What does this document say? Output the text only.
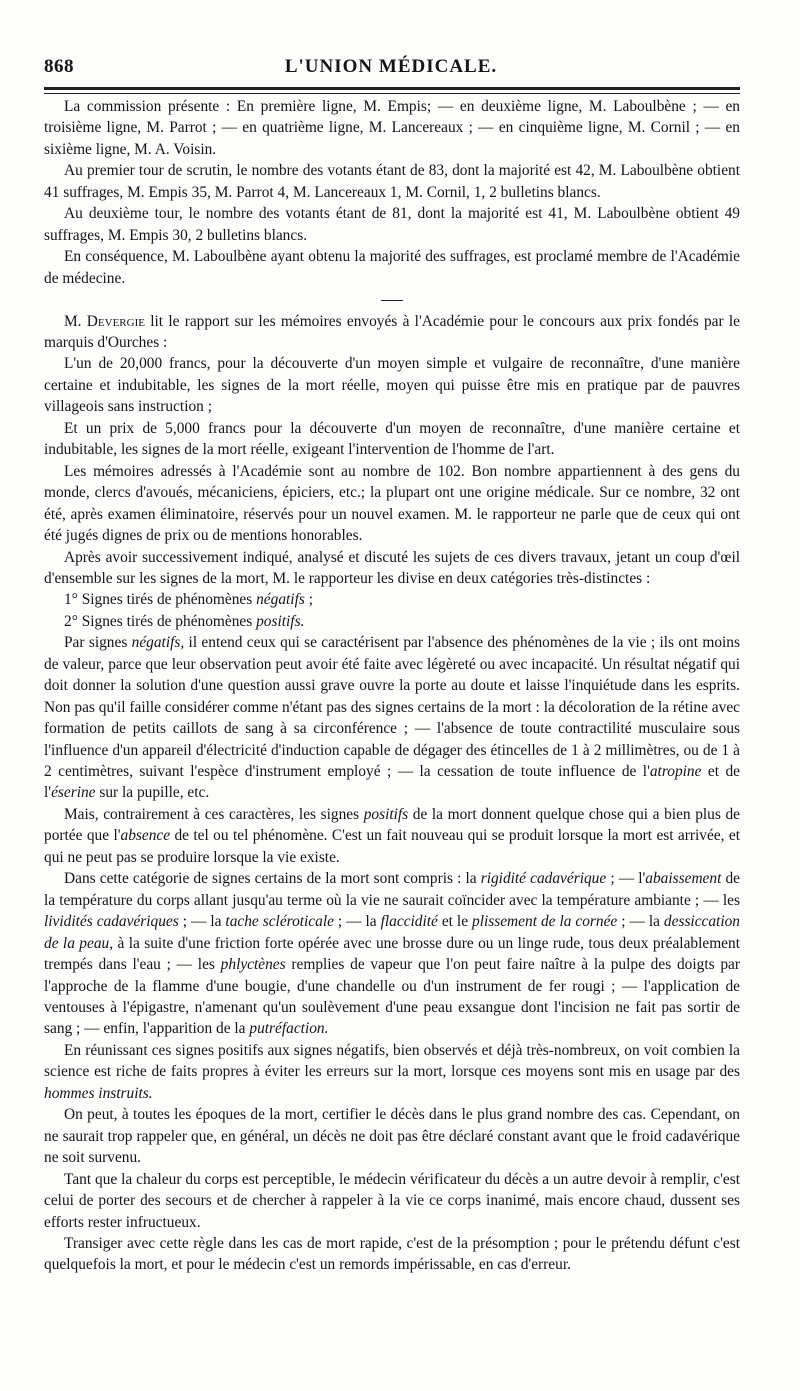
868	L'UNION MÉDICALE.

La commission présente : En première ligne, M. Empis; — en deuxième ligne, M. Laboulbène ; — en troisième ligne, M. Parrot ; — en quatrième ligne, M. Lancereaux ; — en cinquième ligne, M. Cornil ; — en sixième ligne, M. A. Voisin.

Au premier tour de scrutin, le nombre des votants étant de 83, dont la majorité est 42, M. Laboulbène obtient 41 suffrages, M. Empis 35, M. Parrot 4, M. Lancereaux 1, M. Cornil, 1, 2 bulletins blancs.

Au deuxième tour, le nombre des votants étant de 81, dont la majorité est 41, M. Laboulbène obtient 49 suffrages, M. Empis 30, 2 bulletins blancs.

En conséquence, M. Laboulbène ayant obtenu la majorité des suffrages, est proclamé membre de l'Académie de médecine.

M. Devergie lit le rapport sur les mémoires envoyés à l'Académie pour le concours aux prix fondés par le marquis d'Ourches :

L'un de 20,000 francs, pour la découverte d'un moyen simple et vulgaire de reconnaître, d'une manière certaine et indubitable, les signes de la mort réelle, moyen qui puisse être mis en pratique par de pauvres villageois sans instruction ;

Et un prix de 5,000 francs pour la découverte d'un moyen de reconnaître, d'une manière certaine et indubitable, les signes de la mort réelle, exigeant l'intervention de l'homme de l'art.

Les mémoires adressés à l'Académie sont au nombre de 102. Bon nombre appartiennent à des gens du monde, clercs d'avoués, mécaniciens, épiciers, etc.; la plupart ont une origine médicale. Sur ce nombre, 32 ont été, après examen éliminatoire, réservés pour un nouvel examen. M. le rapporteur ne parle que de ceux qui ont été jugés dignes de prix ou de mentions honorables.

Après avoir successivement indiqué, analysé et discuté les sujets de ces divers travaux, jetant un coup d'œil d'ensemble sur les signes de la mort, M. le rapporteur les divise en deux catégories très-distinctes :

1° Signes tirés de phénomènes négatifs ;

2° Signes tirés de phénomènes positifs.

Par signes négatifs, il entend ceux qui se caractérisent par l'absence des phénomènes de la vie ; ils ont moins de valeur, parce que leur observation peut avoir été faite avec légèreté ou avec incapacité. Un résultat négatif qui doit donner la solution d'une question aussi grave ouvre la porte au doute et laisse l'inquiétude dans les esprits. Non pas qu'il faille considérer comme n'étant pas des signes certains de la mort : la décoloration de la rétine avec formation de petits caillots de sang à sa circonférence ; — l'absence de toute contractilité musculaire sous l'influence d'un appareil d'électricité d'induction capable de dégager des étincelles de 1 à 2 millimètres, ou de 1 à 2 centimètres, suivant l'espèce d'instrument employé ; — la cessation de toute influence de l'atropine et de l'éserine sur la pupille, etc.

Mais, contrairement à ces caractères, les signes positifs de la mort donnent quelque chose qui a bien plus de portée que l'absence de tel ou tel phénomène. C'est un fait nouveau qui se produit lorsque la mort est arrivée, et qui ne peut pas se produire lorsque la vie existe.

Dans cette catégorie de signes certains de la mort sont compris : la rigidité cadavérique ; — l'abaissement de la température du corps allant jusqu'au terme où la vie ne saurait coïncider avec la température ambiante ; — les lividités cadavériques ; — la tache scléroticale ; — la flaccidité et le plissement de la cornée ; — la dessiccation de la peau, à la suite d'une friction forte opérée avec une brosse dure ou un linge rude, tous deux préalablement trempés dans l'eau ; — les phlyctènes remplies de vapeur que l'on peut faire naître à la pulpe des doigts par l'approche de la flamme d'une bougie, d'une chandelle ou d'un instrument de fer rougi ; — l'application de ventouses à l'épigastre, n'amenant qu'un soulèvement d'une peau exsangue dont l'incision ne fait pas sortir de sang ; — enfin, l'apparition de la putréfaction.

En réunissant ces signes positifs aux signes négatifs, bien observés et déjà très-nombreux, on voit combien la science est riche de faits propres à éviter les erreurs sur la mort, lorsque ces moyens sont mis en usage par des hommes instruits.

On peut, à toutes les époques de la mort, certifier le décès dans le plus grand nombre des cas. Cependant, on ne saurait trop rappeler que, en général, un décès ne doit pas être déclaré constant avant que le froid cadavérique ne soit survenu.

Tant que la chaleur du corps est perceptible, le médecin vérificateur du décès a un autre devoir à remplir, c'est celui de porter des secours et de chercher à rappeler à la vie ce corps inanimé, mais encore chaud, dussent ses efforts rester infructueux.

Transiger avec cette règle dans les cas de mort rapide, c'est de la présomption ; pour le prétendu défunt c'est quelquefois la mort, et pour le médecin c'est un remords impérissable, en cas d'erreur.
